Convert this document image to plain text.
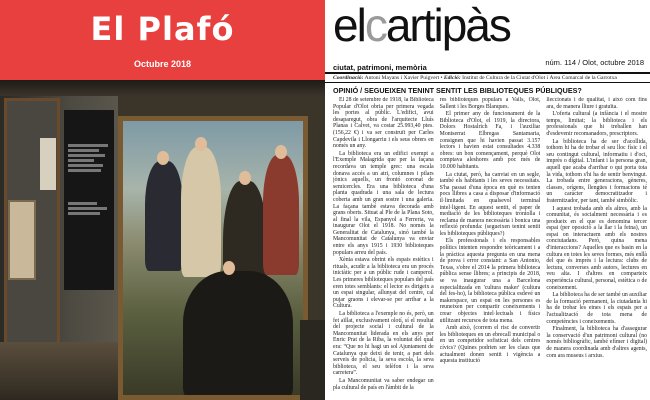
El Plafó
Octubre 2018
elcartipàs
ciutat, patrimoni, memòria
núm. 114 / Olot, octubre 2018
Coordinació: Antoni Mayans i Xavier Puigvert • Edició: Institut de Cultura de la Ciutat d'Olot i Àrea Comarcal de la Garrotxa
OPINIÓ / SEGUEIXEN TENINT SENTIT LES BIBLIOTEQUES PÚBLIQUES?

El 28 de setembre de 1918, la Biblioteca Popular d'Olot obria per primera vegada les portes al públic. L'edifici, avui desaparegut, obra de l'arquitecte Lluís Planas i Calvet, va costar 25.993,40 ptes. (156,22 €) i va ser construït per Carles Capdevila i Llongarriu i els seus obrers en només un any.

La biblioteca era un edifici exempt a l'Exemple Malagrida que per la façana recordava un temple grec: una escala donava accés a un atri, columnes i pilars jònics aquells, un frontó coronat de semicercles. Era una biblioteca d'una planta quadrada i una sala de lectura coberta amb un gran sostre i una galeria. La façana també estava decorada amb grans oberts. Situat al Ple de la Plana Soto, al final la vila, Espanyol a Ferreria, va inaugurar Olot el 1918. No només la Generalitat de Catalunya, sinó també la Mancomunitat de Catalunya va enviar entre els anys 1915 i 1930 biblioteques populars arreu del país.

Xènia estava obrint els espais estètics i rituals, acudir a la biblioteca era un procés iniciàtic per a un públic rude i camperol. Les primeres biblioteques populars del país eren totes semblants: el lector es dirigeix a un espai singular, allunyat del centre, cal pujar graons i elevar-se per arribar a la Cultura.

La biblioteca a l'exemple no és, però, un fet aïllat, exclusivament olotí, sí el resultat del projecte social i cultural de la Mancomunitat liderada en els anys per Enric Prat de la Riba, la voluntat del qual era: “Que no hi hagi un sol Ajuntament de Catalunya que deixi de tenir, a part dels serveis de policia, la seva escola, la seva biblioteca, el seu telèfon i la seva carretera”.

La Mancomunitat va saber endegar un pla cultural de país en l'àmbit de la

res biblioteques populars a Valls, Olot, Sallent i les Borges Blanques.

El primer any de funcionament de la Biblioteca d'Olot, el 1919, la directora, Dolors Hostalrich Fa, i l'auxiliar Montserrat Elbregas Santamaria, consignen que hi havien passat 3.157 lectors i havien estat consultades 4.338 obres: un bon començament, perquè Olot comptava aleshores amb poc més de 10.000 habitants.

La ciutat, però, ha canviat en un segle, també els habitants i les seves necessitats. S'ha passat d'una època en què es tenien pocs llibres a casa a disposar d'informació il·limitada en qualsevol terminal intel·ligent. En aquest sentit, el paper de mediació de les biblioteques trontolla i reclama de manera necessària i bonica una reflexió profunda: (segueixen tenint sentit les biblioteques públiques?)

Els professionals i els responsables polítics intenten respondre teòricament i a la pràctica aquesta pregunta en una mena de prova i error constant: a San Antonio, Texas, s'obre el 2014 la primera biblioteca pública sense llibres; a principis de 2018, se va inaugurar una a Barcelona especialitzada en 'cultura maker' (cultura del fes-ho), la biblioteca pública esdevé un makerspace, un espai on les persones es reuneixen per compartir coneixements i crear objectes intel·lectuals i físics utilitzant recursos de tota mena.

Amb això, (correm el risc de convertir les biblioteques en un ebrecall municipal o en un competidor sofisticat dels centres cívics? (Quines podrien ser les claus que actualment donen sentit i vigència a aquesta institució

lleccionats i de qualitat, i això com fins ara, de manera lliure i gratuïta.

L'oferta cultural (a infància i el mostre temps, limitat; la biblioteca i els professionals que hi treballen han d'esdevenir recomanadors, prescriptors.

La biblioteca ha de ser d'acollida, tothom hi ha de trobar el seu lloc físic i el seu contingut cultural, informatiu i d'oci, imprès o digital. L'infant i la persona gran, aquell que acaba d'arribar o qui porta tota la vida, tothom s'hi ha de sentir benvingut. La trobada entre generacions, gèneres, classes, orígens, llengües i formacions té un caràcter democratitzador i fraternitzador, per tant, també simbòlic.

I aquest trobada amb els altres, amb la comunitat, és socialment necessària i es produeix en el que es denomina tercer espai (per oposició a la llar i la feina), un espai on interactuem amb els nostres conciutadans. Però, quina mena d'interaccions? Aquelles que es basin en la cultura en totes les seves formes, més enllà del que és imprès i la lectura: clubs de lectura, converses amb autors, lectures en veu alta. I d'altres en comparteix experiència cultural, personal, estètica o de coneixement.

La biblioteca ha de ser també un auxiliar de la formació permanent, la ciutadania hi ha de trobar les eines i els espais per a l'actualització de tota mena de competències i coneixements.

Finalment, la biblioteca ha d'assegurar la conservació d'un patrimoni cultural (no només bibliogràfic, també efímer i digital) de manera coordinada amb d'altres agents, com ara museus i arxius.
